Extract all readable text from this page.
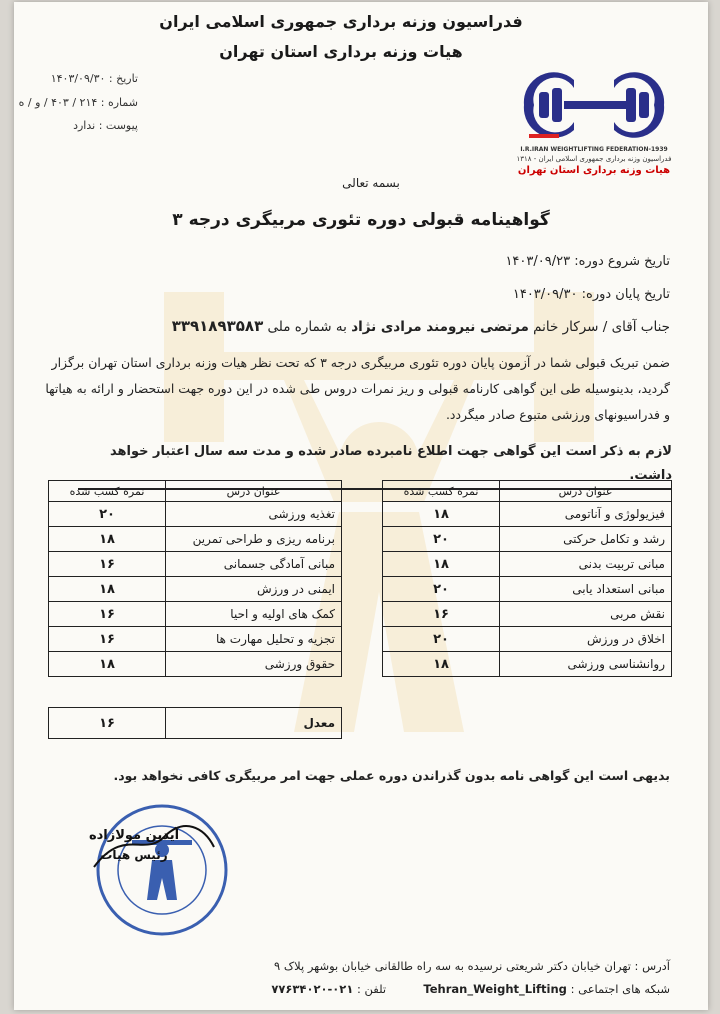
فدراسیون وزنه برداری جمهوری اسلامی ایران
هیات وزنه برداری استان تهران
تاریخ : ۱۴۰۳/۰۹/۳۰
شماره : ۲۱۴ / ۴۰۳ / و / ه
پیوست : ندارد
I.R.IRAN WEIGHTLIFTING FEDERATION-1939
فدراسیون وزنه برداری جمهوری اسلامی ایران - ۱۳۱۸
هیات وزنه برداری استان تهران
بسمه تعالی
گواهینامه قبولی دوره تئوری مربیگری درجه ۳
تاریخ شروع دوره: ۱۴۰۳/۰۹/۲۳
تاریخ پایان دوره: ۱۴۰۳/۰۹/۳۰
جناب آقای / سرکار خانم مرتضی نیرومند مرادی نژاد به شماره ملی ۳۳۹۱۸۹۳۵۸۳
ضمن تبریک قبولی شما در آزمون پایان دوره تئوری مربیگری درجه ۳ که تحت نظر هیات وزنه برداری استان تهران برگزار گردید، بدینوسیله طی این گواهی کارنامه قبولی و ریز نمرات دروس طی شده در این دوره جهت استحضار و ارائه به هیاتها و فدراسیونهای ورزشی متبوع صادر میگردد.
لازم به ذکر است این گواهی جهت اطلاع نامبرده صادر شده و مدت سه سال اعتبار خواهد داشت.
عنوان درس	نمره کسب شده
فیزیولوژی و آناتومی	۱۸
رشد و تکامل حرکتی	۲۰
مبانی تربیت بدنی	۱۸
مبانی استعداد یابی	۲۰
نقش مربی	۱۶
اخلاق در ورزش	۲۰
روانشناسی ورزشی	۱۸
عنوان درس	نمره کسب شده
تغذیه ورزشی	۲۰
برنامه ریزی و طراحی تمرین	۱۸
مبانی آمادگی جسمانی	۱۶
ایمنی در ورزش	۱۸
کمک های اولیه و احیا	۱۶
تجزیه و تحلیل مهارت ها	۱۶
حقوق ورزشی	۱۸
معدل	۱۶
بدیهی است این گواهی نامه بدون گذراندن دوره عملی جهت امر مربیگری کافی نخواهد بود.
آیدین مولازاده
رئیس هیات
آدرس : تهران خیابان دکتر شریعتی نرسیده به سه راه طالقانی خیابان بوشهر پلاک ۹
شبکه های اجتماعی : Tehran_Weight_Lifting  تلفن : ۰۲۱-۷۷۶۳۴۰۲۰
